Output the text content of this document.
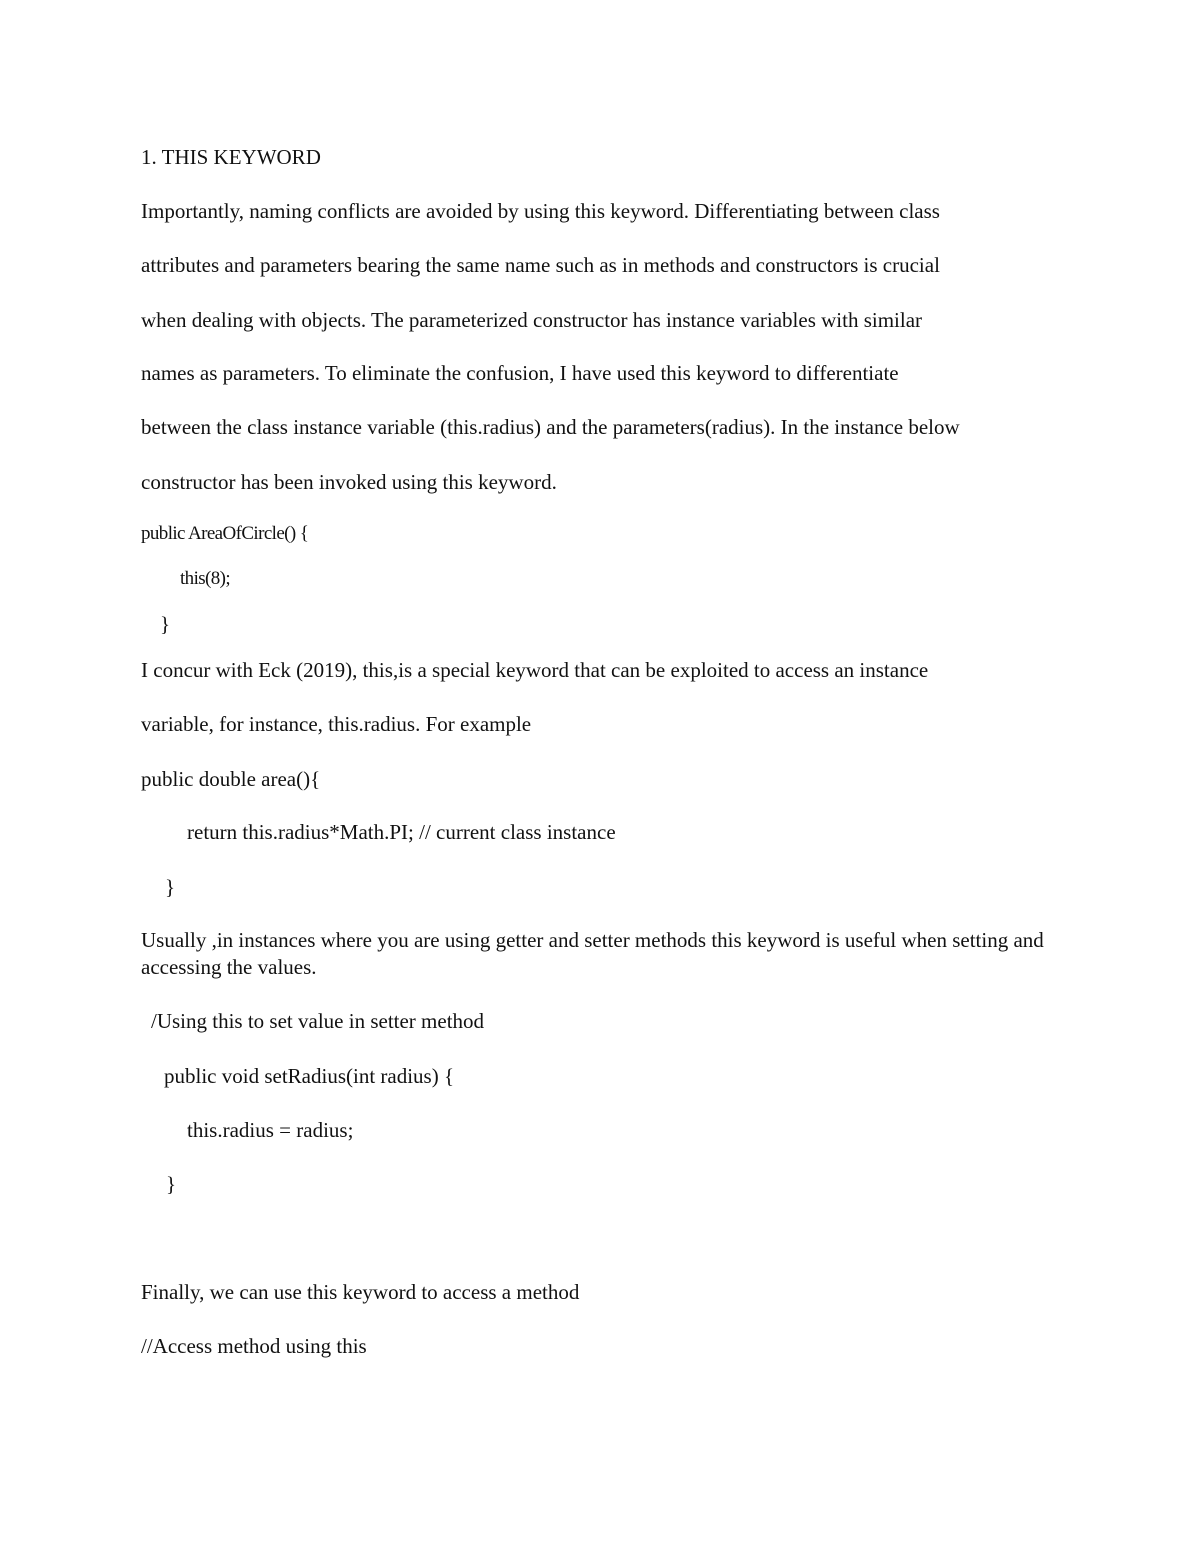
1. THIS KEYWORD

Importantly, naming conflicts are avoided by using this keyword. Differentiating between class

attributes and parameters bearing the same name such as in methods and constructors is crucial

when dealing with objects. The parameterized constructor has instance variables with similar

names as parameters. To eliminate the confusion, I have used this keyword to differentiate

between the class instance variable (this.radius) and the parameters(radius). In the instance below

constructor has been invoked using this keyword.

public AreaOfCircle() {

this(8);

}

I concur with Eck (2019), this,is a special keyword that can be exploited to access an instance

variable, for instance, this.radius. For example

public double area(){

return this.radius*Math.PI; // current class instance

}

Usually ,in instances where you are using getter and setter methods this keyword is useful when setting and accessing the values.

/Using this to set value in setter method

public void setRadius(int radius) {

this.radius = radius;

}

Finally, we can use this keyword to access a method

//Access method using this
